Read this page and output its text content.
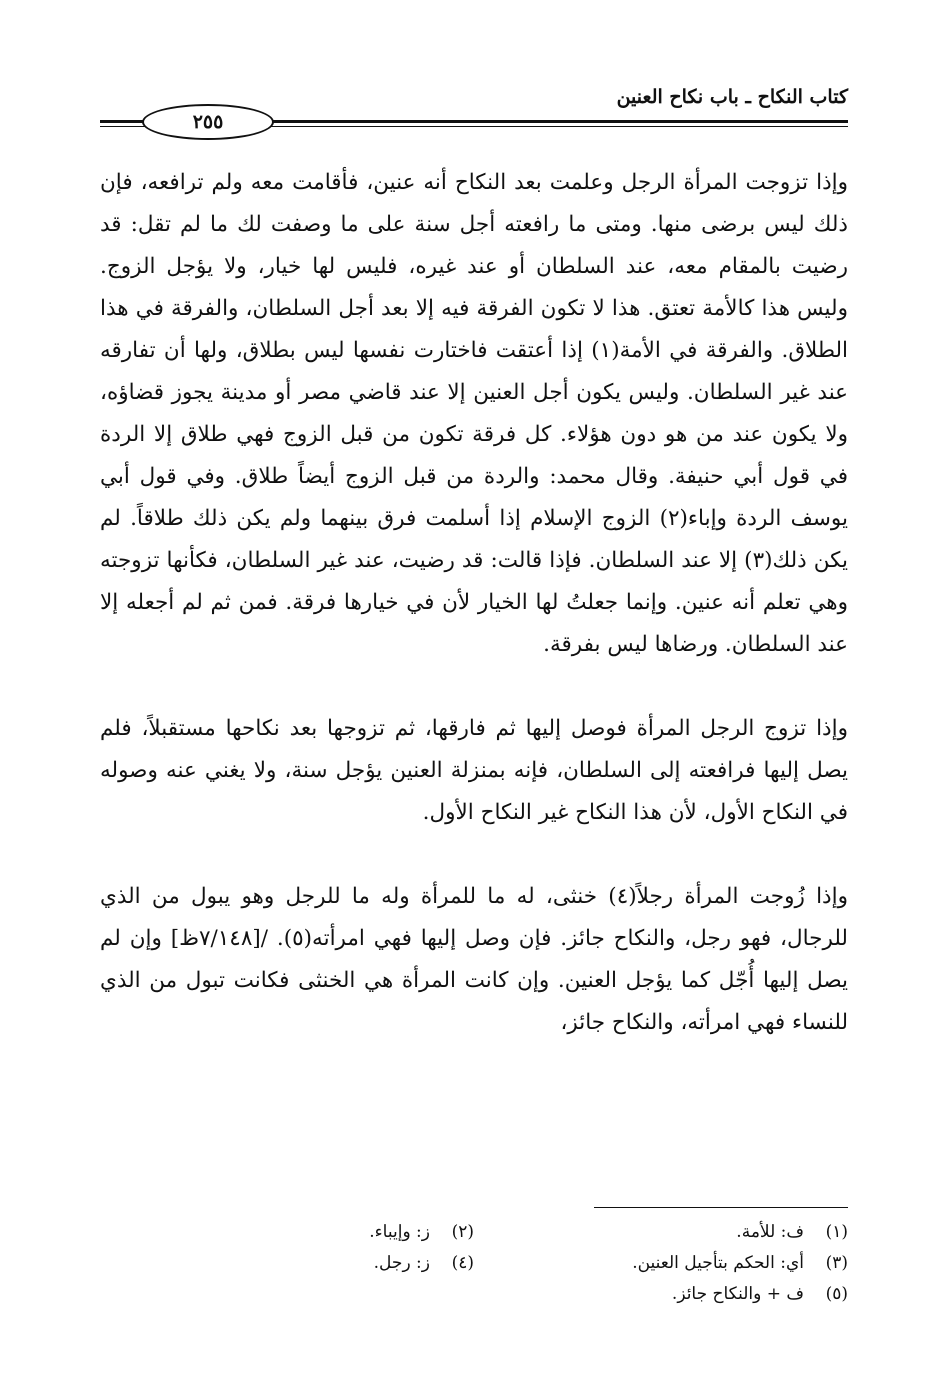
كتاب النكاح ـ باب نكاح العنين
٢٥٥

وإذا تزوجت المرأة الرجل وعلمت بعد النكاح أنه عنين، فأقامت معه ولم ترافعه، فإن ذلك ليس برضى منها. ومتى ما رافعته أجل سنة على ما وصفت لك ما لم تقل: قد رضيت بالمقام معه، عند السلطان أو عند غيره، فليس لها خيار، ولا يؤجل الزوج. وليس هذا كالأمة تعتق. هذا لا تكون الفرقة فيه إلا بعد أجل السلطان، والفرقة في هذا الطلاق. والفرقة في الأمة(١) إذا أعتقت فاختارت نفسها ليس بطلاق، ولها أن تفارقه عند غير السلطان. وليس يكون أجل العنين إلا عند قاضي مصر أو مدينة يجوز قضاؤه، ولا يكون عند من هو دون هؤلاء. كل فرقة تكون من قبل الزوج فهي طلاق إلا الردة في قول أبي حنيفة. وقال محمد: والردة من قبل الزوج أيضاً طلاق. وفي قول أبي يوسف الردة وإباء(٢) الزوج الإسلام إذا أسلمت فرق بينهما ولم يكن ذلك طلاقاً. لم يكن ذلك(٣) إلا عند السلطان. فإذا قالت: قد رضيت، عند غير السلطان، فكأنها تزوجته وهي تعلم أنه عنين. وإنما جعلتُ لها الخيار لأن في خيارها فرقة. فمن ثم لم أجعله إلا عند السلطان. ورضاها ليس بفرقة.

وإذا تزوج الرجل المرأة فوصل إليها ثم فارقها، ثم تزوجها بعد نكاحها مستقبلاً، فلم يصل إليها فرافعته إلى السلطان، فإنه بمنزلة العنين يؤجل سنة، ولا يغني عنه وصوله في النكاح الأول، لأن هذا النكاح غير النكاح الأول.

وإذا زُوجت المرأة رجلاً(٤) خنثى، له ما للمرأة وله ما للرجل وهو يبول من الذي للرجال، فهو رجل، والنكاح جائز. فإن وصل إليها فهي امرأته(٥). /[٧/١٤٨ظ] وإن لم يصل إليها أُجّل كما يؤجل العنين. وإن كانت المرأة هي الخنثى فكانت تبول من الذي للنساء فهي امرأته، والنكاح جائز،

(١)ف: للأمة.
(٢)ز: وإيباء.
(٣)أي: الحكم بتأجيل العنين.
(٤)ز: رجل.
(٥)ف + والنكاح جائز.
